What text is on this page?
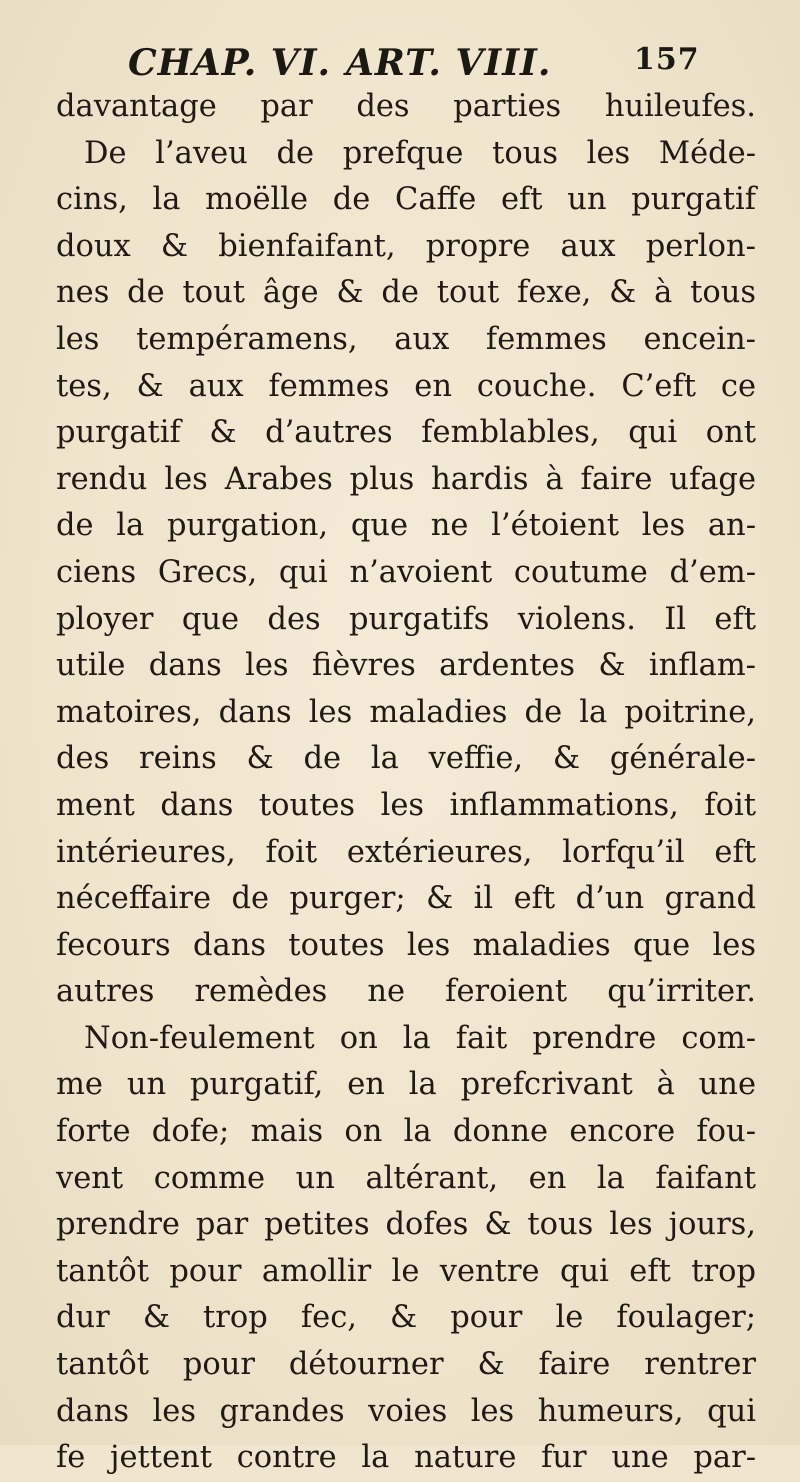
CHAP. VI. ART. VIII.	157
davantage par des parties huileufes.
De l’aveu de prefque tous les Méde-
cins, la moëlle de Caffe eft un purgatif
doux & bienfaifant, propre aux perlon-
nes de tout âge & de tout fexe, & à tous
les tempéramens, aux femmes encein-
tes, & aux femmes en couche. C’eft ce
purgatif & d’autres femblables, qui ont
rendu les Arabes plus hardis à faire ufage
de la purgation, que ne l’étoient les an-
ciens Grecs, qui n’avoient coutume d’em-
ployer que des purgatifs violens. Il eft
utile dans les fièvres ardentes & inflam-
matoires, dans les maladies de la poitrine,
des reins & de la veffie, & générale-
ment dans toutes les inflammations, foit
intérieures, foit extérieures, lorfqu’il eft
néceffaire de purger; & il eft d’un grand
fecours dans toutes les maladies que les
autres remèdes ne feroient qu’irriter.
Non-feulement on la fait prendre com-
me un purgatif, en la prefcrivant à une
forte dofe; mais on la donne encore fou-
vent comme un altérant, en la faifant
prendre par petites dofes & tous les jours,
tantôt pour amollir le ventre qui eft trop
dur & trop fec, & pour le foulager;
tantôt pour détourner & faire rentrer
dans les grandes voies les humeurs, qui
fe jettent contre la nature fur une par-
